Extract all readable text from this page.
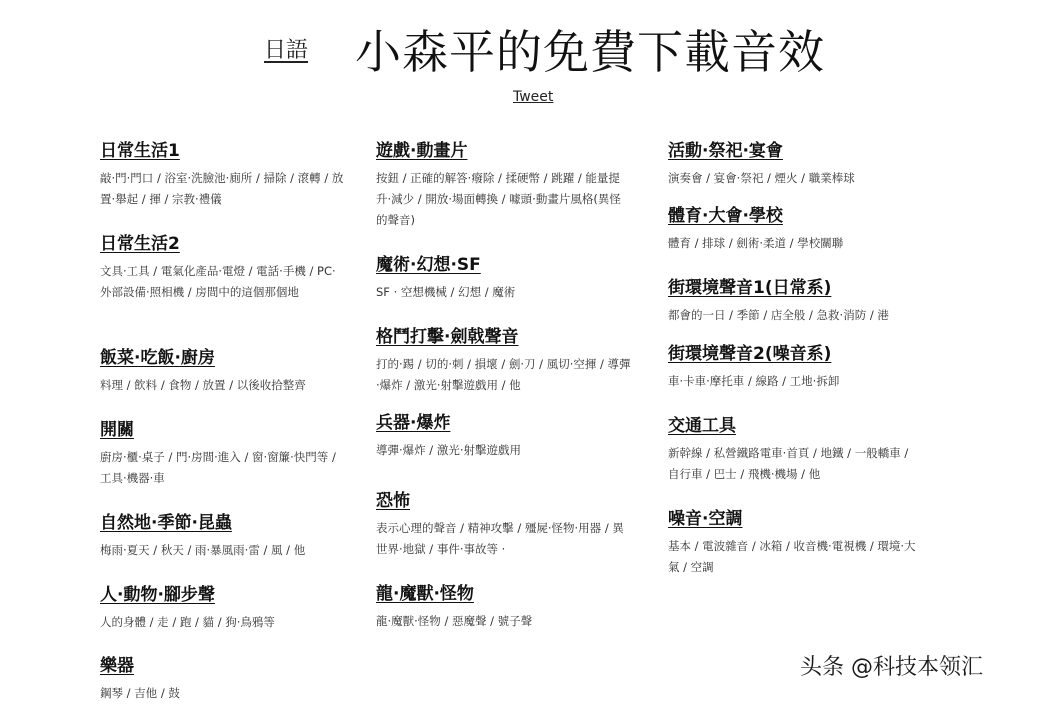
日語 小森平的免費下載音效
Tweet
日常生活1
敲·門·門口 / 浴室·洗臉池·廁所 / 掃除 / 滾轉 / 放置·舉起 / 揮 / 宗教·禮儀
日常生活2
文具·工具 / 電氣化產品·電燈 / 電話·手機 / PC·外部設備·照相機 / 房間中的這個那個地
飯菜·吃飯·廚房
料理 / 飲料 / 食物 / 放置 / 以後收拾整齊
開關
廚房·櫃·桌子 / 門·房間·進入 / 窗·窗簾·快門等 / 工具·機器·車
自然地·季節·昆蟲
梅雨·夏天 / 秋天 / 雨·暴風雨·雷 / 風 / 他
人·動物·腳步聲
人的身體 / 走 / 跑 / 貓 / 狗·鳥鴉等
樂器
鋼琴 / 吉他 / 鼓
遊戲·動畫片
按鈕 / 正確的解答·癈除 / 揉硬幣 / 跳躍 / 能量提升·減少 / 開放·場面轉換 / 噱頭·動畫片風格(異怪的聲音)
魔術·幻想·SF
SF · 空想機械 / 幻想 / 魔術
格鬥打擊·劍戟聲音
打的·踢 / 切的·刺 / 損壞 / 劍·刀 / 風切·空揮 / 導彈·爆炸 / 激光·射擊遊戲用 / 他
兵器·爆炸
導彈·爆炸 / 激光·射擊遊戲用
恐怖
表示心理的聲音 / 精神攻擊 / 殭屍·怪物·用器 / 異世界·地獄 / 事件·事故等 ·
龍·魔獸·怪物
龍·魔獸·怪物 / 惡魔聲 / 號子聲
活動·祭祀·宴會
演奏會 / 宴會·祭祀 / 煙火 / 職業棒球
體育·大會·學校
體育 / 排球 / 劍術·柔道 / 學校關聯
街環境聲音1(日常系)
都會的一日 / 季節 / 店全般 / 急救·消防 / 港
街環境聲音2(噪音系)
車·卡車·摩托車 / 線路 / 工地·拆卸
交通工具
新幹線 / 私營鐵路電車·首頁 / 地鐵 / 一般轎車 / 自行車 / 巴士 / 飛機·機場 / 他
噪音·空調
基本 / 電波雜音 / 冰箱 / 收音機·電視機 / 環境·大氣 / 空調
头条 @科技本领汇
